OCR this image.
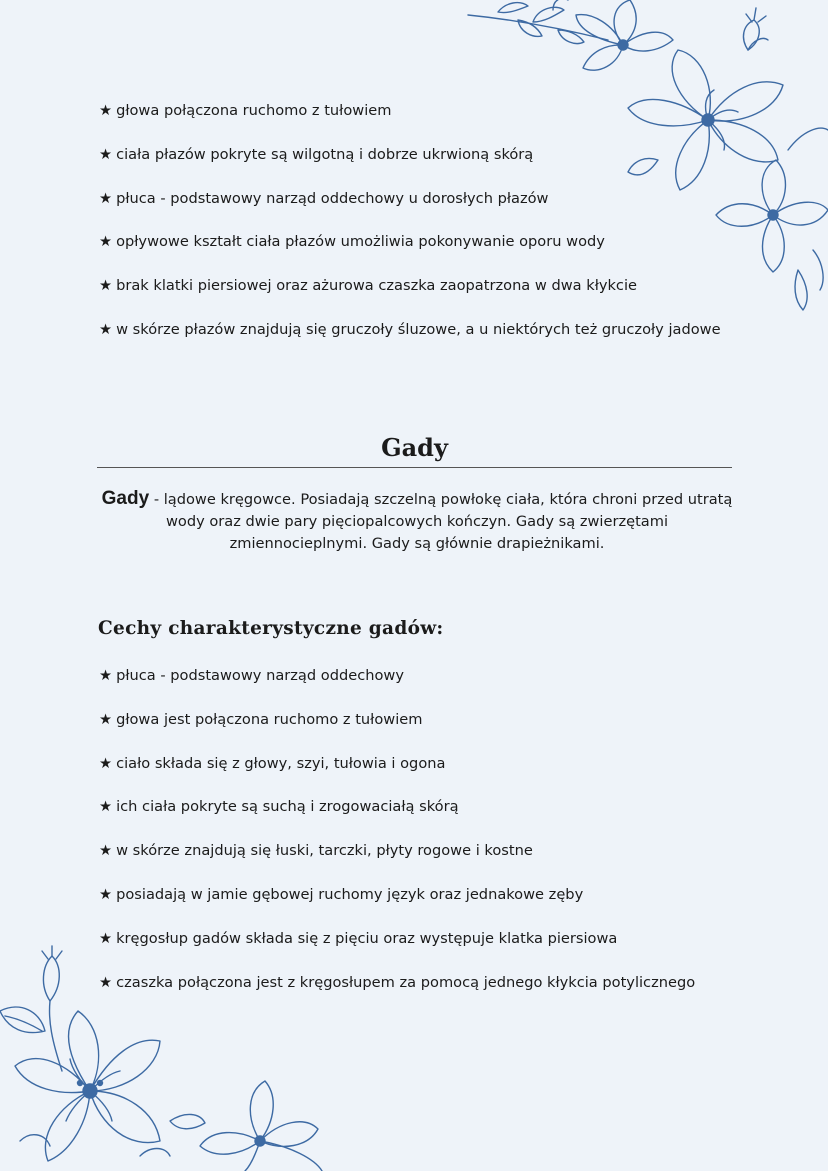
★ głowa połączona ruchomo z tułowiem
★ ciała płazów pokryte są wilgotną i dobrze ukrwioną skórą
★ płuca - podstawowy narząd oddechowy u dorosłych płazów
★ opływowe kształt ciała płazów umożliwia pokonywanie oporu wody
★ brak klatki piersiowej oraz ażurowa czaszka zaopatrzona w dwa kłykcie
★ w skórze płazów znajdują się gruczoły śluzowe, a u niektórych też gruczoły jadowe
Gady

Gady - lądowe kręgowce. Posiadają szczelną powłokę ciała, która chroni przed utratą wody oraz dwie pary pięciopalcowych kończyn. Gady są zwierzętami zmiennocieplnymi. Gady są głównie drapieżnikami.

Cechy charakterystyczne gadów:
★ płuca - podstawowy narząd oddechowy
★ głowa jest połączona ruchomo z tułowiem
★ ciało składa się z głowy, szyi, tułowia i ogona
★ ich ciała pokryte są suchą i zrogowaciałą skórą
★ w skórze znajdują się łuski, tarczki, płyty rogowe i kostne
★ posiadają w jamie gębowej ruchomy język oraz jednakowe zęby
★ kręgosłup gadów składa się z pięciu oraz występuje klatka piersiowa
★ czaszka połączona jest z kręgosłupem za pomocą jednego kłykcia potylicznego
